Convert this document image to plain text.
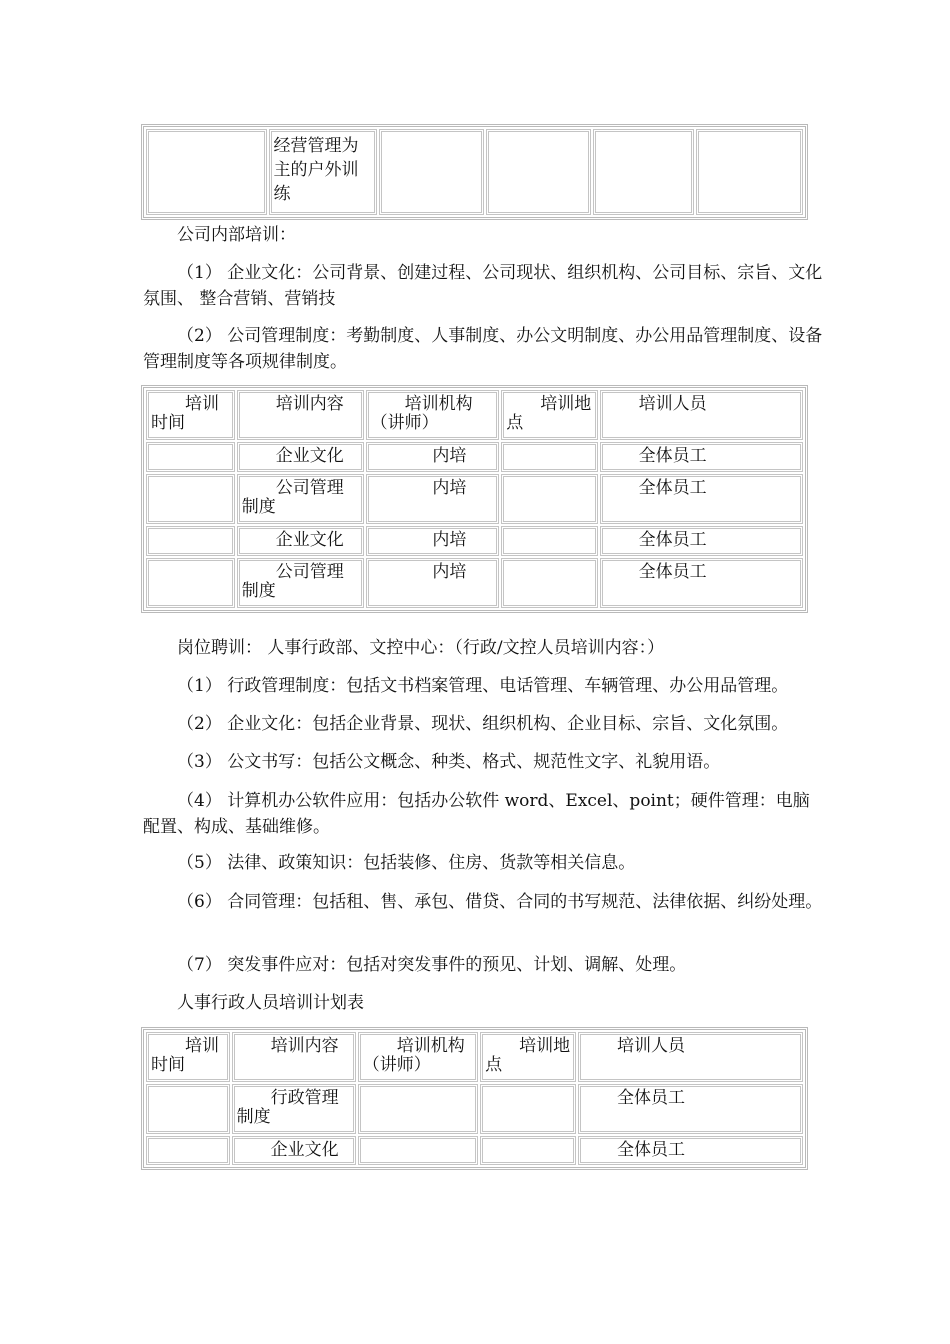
	经营管理为主的户外训练				
公司内部培训：
（1） 企业文化：公司背景、创建过程、公司现状、组织机构、公司目标、宗旨、文化氛围、 整合营销、营销技
（2） 公司管理制度：考勤制度、人事制度、办公文明制度、办公用品管理制度、设备管理制度等各项规律制度。
培训时间	培训内容	培训机构（讲师）	培训地点	培训人员
	企业文化	内培		全体员工
	公司管理制度	内培		全体员工
	企业文化	内培		全体员工
	公司管理制度	内培		全体员工
岗位聘训： 人事行政部、文控中心：（行政/文控人员培训内容：）
（1） 行政管理制度：包括文书档案管理、电话管理、车辆管理、办公用品管理。
（2） 企业文化：包括企业背景、现状、组织机构、企业目标、宗旨、文化氛围。
（3） 公文书写：包括公文概念、种类、格式、规范性文字、礼貌用语。
（4） 计算机办公软件应用：包括办公软件 word、Excel、point；硬件管理：电脑配置、构成、基础维修。
（5） 法律、政策知识：包括装修、住房、货款等相关信息。
（6） 合同管理：包括租、售、承包、借贷、合同的书写规范、法律依据、纠纷处理。
（7） 突发事件应对：包括对突发事件的预见、计划、调解、处理。
人事行政人员培训计划表
培训时间	培训内容	培训机构（讲师）	培训地点	培训人员
	行政管理制度			全体员工
	企业文化			全体员工
